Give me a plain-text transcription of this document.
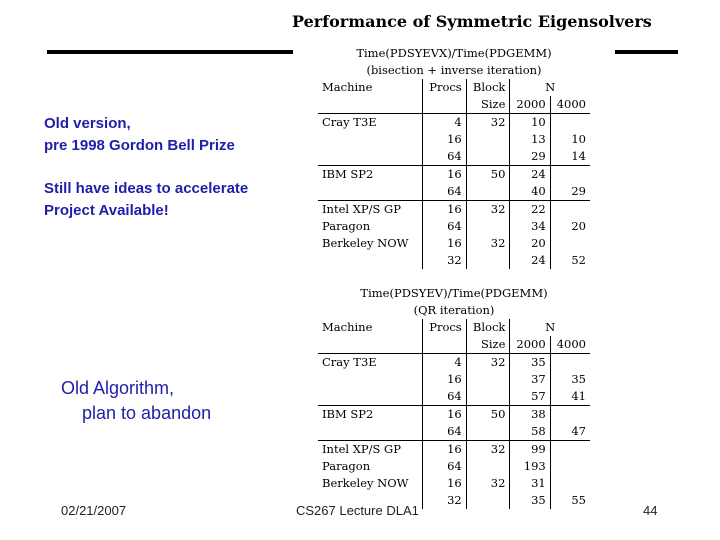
Performance of Symmetric Eigensolvers
Old version,
pre 1998 Gordon Bell Prize
Still have ideas to accelerate
Project Available!
Old Algorithm,
plan to abandon
Time(PDSYEVX)/Time(PDGEMM)
(bisection + inverse iteration)
Machine	Procs	Block	N	
		Size	2000	4000
Cray T3E	4	32	10	
	16		13	10
	64		29	14
IBM SP2	16	50	24	
	64		40	29
Intel XP/S GP	16	32	22	
Paragon	64		34	20
Berkeley NOW	16	32	20	
	32		24	52
Time(PDSYEV)/Time(PDGEMM)
(QR iteration)
Machine	Procs	Block	N	
		Size	2000	4000
Cray T3E	4	32	35	
	16		37	35
	64		57	41
IBM SP2	16	50	38	
	64		58	47
Intel XP/S GP	16	32	99	
Paragon	64		193	
Berkeley NOW	16	32	31	
	32		35	55
02/21/2007	CS267 Lecture DLA1	44
